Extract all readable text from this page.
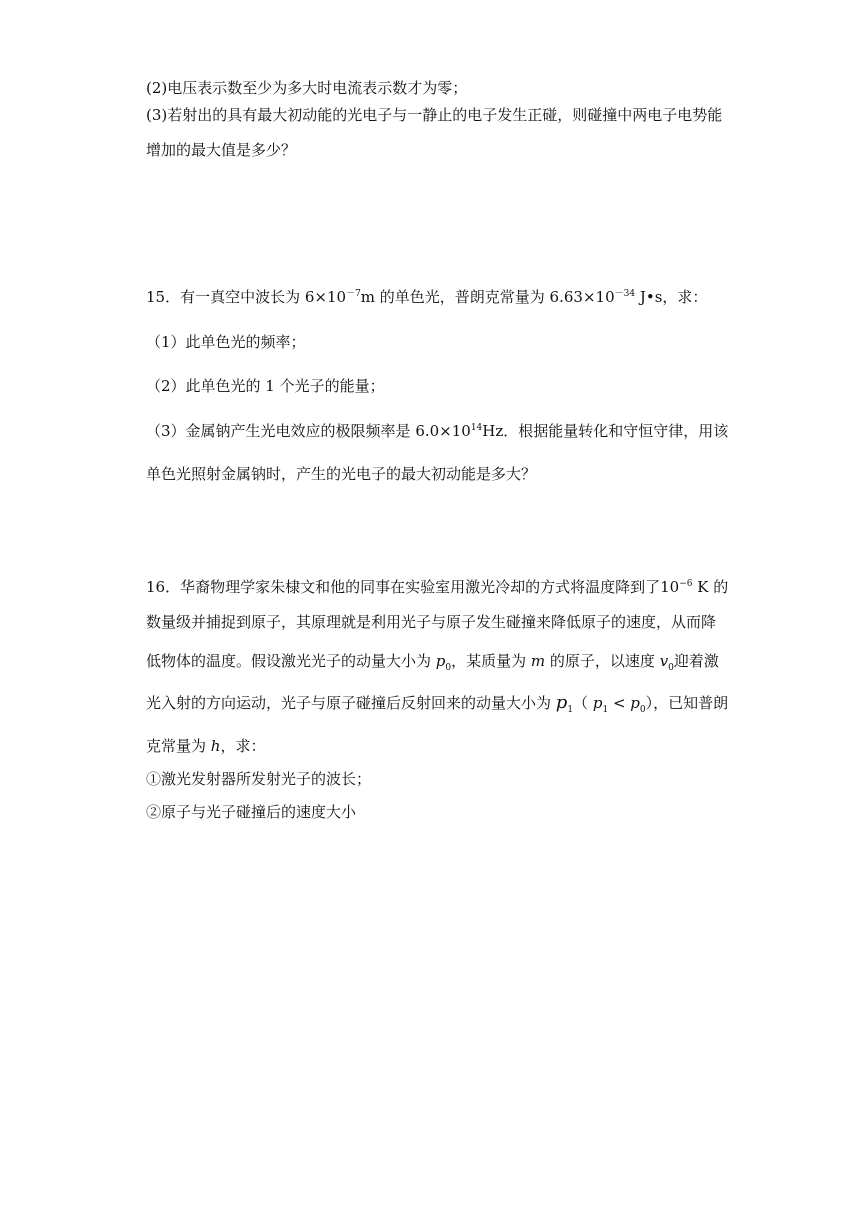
(2)电压表示数至少为多大时电流表示数才为零；
(3)若射出的具有最大初动能的光电子与一静止的电子发生正碰，则碰撞中两电子电势能
增加的最大值是多少？
15．有一真空中波长为 $6\times 10^{-7}m$ 的单色光，普朗克常量为 $6.63\times 10^{-34}$ J•s，求：
（1）此单色光的频率；
（2）此单色光的 1 个光子的能量；
（3）金属钠产生光电效应的极限频率是 $6.0\times 10^{14}Hz$．根据能量转化和守恒守律，用该
单色光照射金属钠时，产生的光电子的最大初动能是多大？
16．华裔物理学家朱棣文和他的同事在实验室用激光冷却的方式将温度降到了$10^{-6}$ K 的
数量级并捕捉到原子，其原理就是利用光子与原子发生碰撞来降低原子的速度，从而降
低物体的温度。假设激光光子的动量大小为 $p_0$，某质量为 m 的原子，以速度 $v_0$迎着激
光入射的方向运动，光子与原子碰撞后反射回来的动量大小为 $p_1$（ $p_1 < p_0$），已知普朗
克常量为 h，求：
①激光发射器所发射光子的波长；
②原子与光子碰撞后的速度大小
